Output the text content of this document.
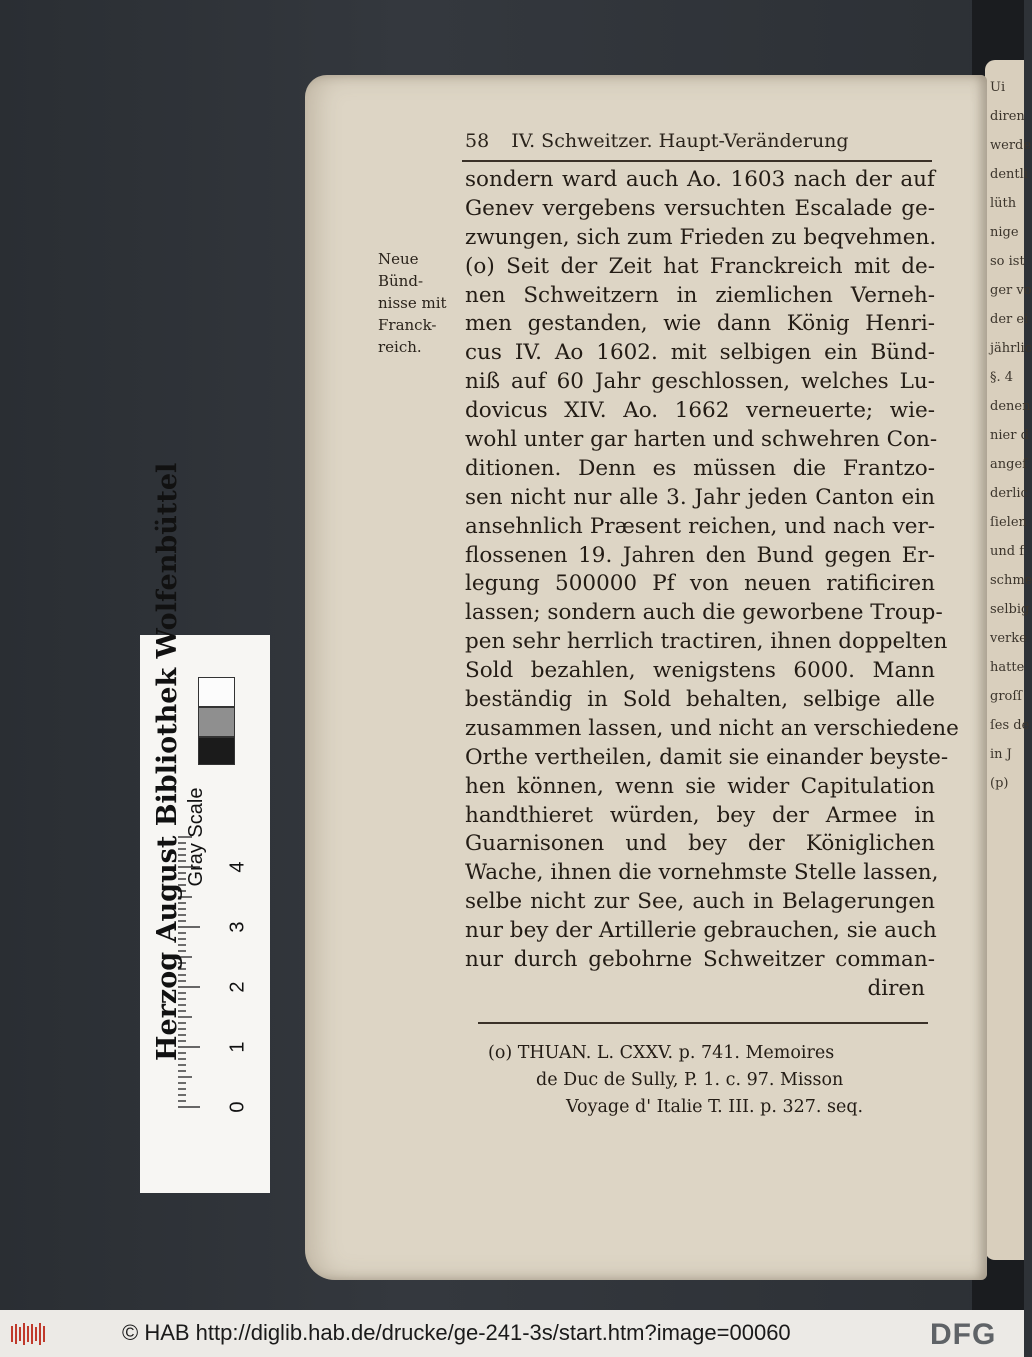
Ui
diren
werde
dentli
lüth
nige
so ist
ger vo
der ei
jährlic
§. 4
denen
nier d
angeſ
derlic
ſielen
und f
schme
selbig
verke
hatte
groſſ
ſes de
in J
(p)
58 IV. Schweitzer. Haupt-Veränderung
Neue
Bünd-
nisse mit
Franck-
reich.
sondern ward auch Ao. 1603 nach der auf
Genev vergebens versuchten Escalade ge-
zwungen, sich zum Frieden zu beqvehmen.
(o) Seit der Zeit hat Franckreich mit de-
nen Schweitzern in ziemlichen Verneh-
men gestanden, wie dann König Henri-
cus IV. Ao 1602. mit selbigen ein Bünd-
niß auf 60 Jahr geschlossen, welches Lu-
dovicus XIV. Ao. 1662 verneuerte; wie-
wohl unter gar harten und schwehren Con-
ditionen. Denn es müssen die Frantzo-
sen nicht nur alle 3. Jahr jeden Canton ein
ansehnlich Præsent reichen, und nach ver-
flossenen 19. Jahren den Bund gegen Er-
legung 500000 Pf von neuen ratificiren
lassen; sondern auch die geworbene Troup-
pen sehr herrlich tractiren, ihnen doppelten
Sold bezahlen, wenigstens 6000. Mann
beständig in Sold behalten, selbige alle
zusammen lassen, und nicht an verschiedene
Orthe vertheilen, damit sie einander beyste-
hen können, wenn sie wider Capitulation
handthieret würden, bey der Armee in
Guarnisonen und bey der Königlichen
Wache, ihnen die vornehmste Stelle lassen,
selbe nicht zur See, auch in Belagerungen
nur bey der Artillerie gebrauchen, sie auch
nur durch gebohrne Schweitzer comman-
diren
(o) THUAN. L. CXXV. p. 741. Memoires
de Duc de Sully, P. 1. c. 97. Misson
Voyage d' Italie T. III. p. 327. seq.
Herzog August Bibliothek Wolfenbüttel Gray Scale
0
1
2
3
4
© HAB http://diglib.hab.de/drucke/ge-241-3s/start.htm?image=00060	DFG
